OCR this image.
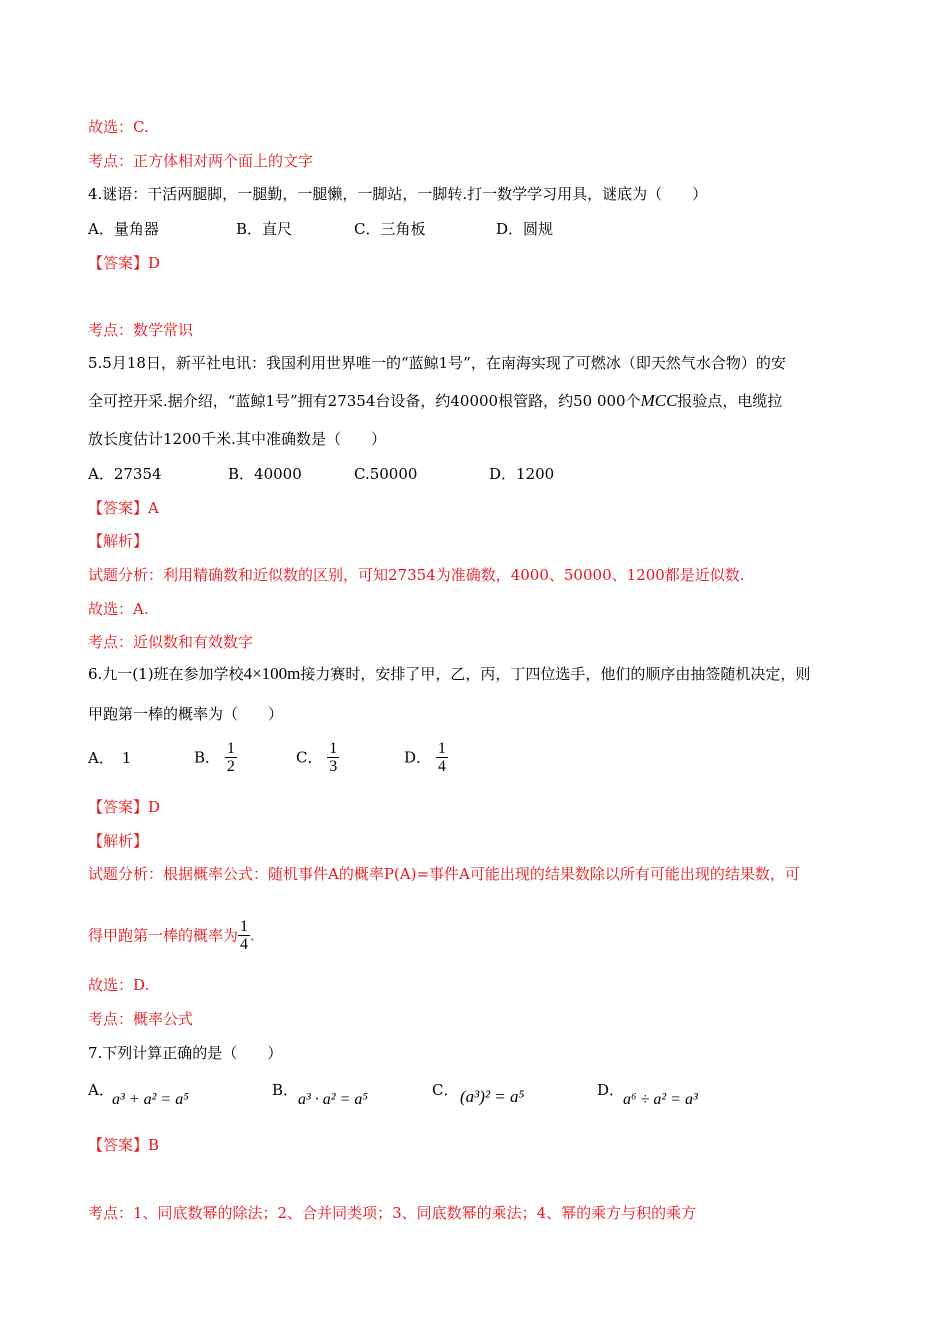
故选：C.
考点：正方体相对两个面上的文字
4.谜语：干活两腿脚，一腿勤，一腿懒，一脚站，一脚转.打一数学学习用具，谜底为（　　）
A．量角器	B．直尺	C．三角板	D．圆规
【答案】D
考点：数学常识
5.5月18日，新平社电讯：我国利用世界唯一的“蓝鲸1号”，在南海实现了可燃冰（即天然气水合物）的安
全可控开采.据介绍，“蓝鲸1号”拥有27354台设备，约40000根管路，约50 000个MCC报验点，电缆拉
放长度估计1200千米.其中准确数是（　　）
A．27354	B．40000	C.50000	D．1200
【答案】A
【解析】
试题分析：利用精确数和近似数的区别，可知27354为准确数，4000、50000、1200都是近似数.
故选：A.
考点：近似数和有效数字
6.九一(1)班在参加学校4×100m接力赛时，安排了甲，乙，丙，丁四位选手，他们的顺序由抽签随机决定，则
甲跑第一棒的概率为（　　）
A． 1	B． $\frac{1}{2}$	C． $\frac{1}{3}$	D． $\frac{1}{4}$
【答案】D
【解析】
试题分析：根据概率公式：随机事件A的概率P(A)=事件A可能出现的结果数除以所有可能出现的结果数，可
得甲跑第一棒的概率为 $\frac{1}{4}$ .
故选：D.
考点：概率公式
7.下列计算正确的是（　　）
A．
a³ + a² = a⁵
B．
a³ · a² = a⁵
C． (a³)² = a⁵	D．
a⁶ ÷ a² = a³
【答案】B
考点：1、同底数幂的除法；2、合并同类项；3、同底数幂的乘法；4、幂的乘方与积的乘方
